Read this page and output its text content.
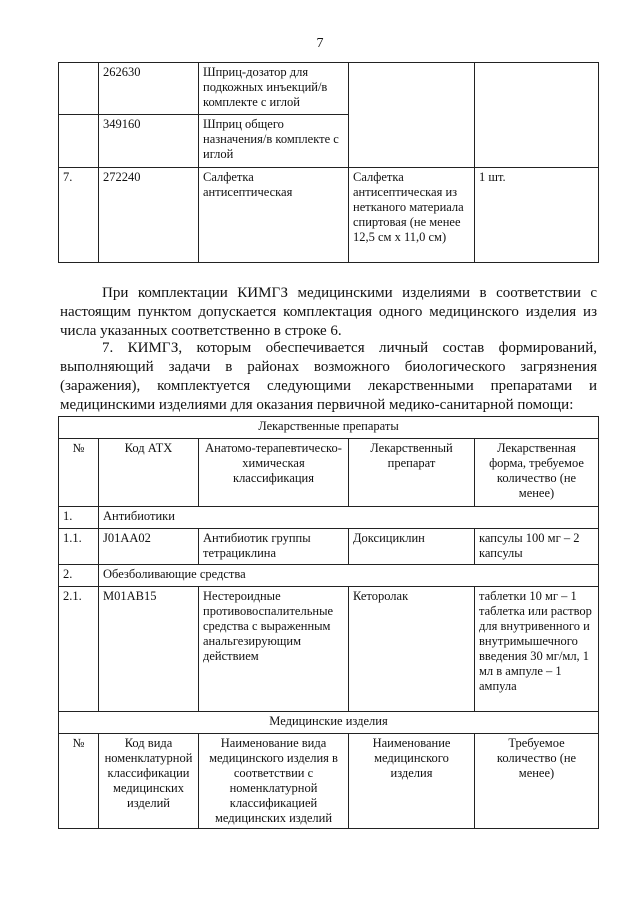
7
	262630	Шприц-дозатор для подкожных инъекций/в комплекте с иглой		
	349160	Шприц общего назначения/в комплекте с иглой		
7.	272240	Салфетка антисептическая	Салфетка антисептическая из нетканого материала спиртовая (не менее 12,5 см х 11,0 см)	1 шт.

При комплектации КИМГЗ медицинскими изделиями в соответствии с настоящим пунктом допускается комплектация одного медицинского изделия из числа указанных соответственно в строке 6.

7. КИМГЗ, которым обеспечивается личный состав формирований, выполняющий задачи в районах возможного биологического загрязнения (заражения), комплектуется следующими лекарственными препаратами и медицинскими изделиями для оказания первичной медико-санитарной помощи:

Лекарственные препараты				
№	Код АТХ	Анатомо-терапевтическо-химическая классификация	Лекарственный препарат	Лекарственная форма, требуемое количество (не менее)
1.	Антибиотики			
1.1.	J01AA02	Антибиотик группы тетрациклина	Доксициклин	капсулы 100 мг – 2 капсулы
2.	Обезболивающие средства			
2.1.	M01AB15	Нестероидные противовоспалительные средства с выраженным анальгезирующим действием	Кеторолак	таблетки 10 мг – 1 таблетка или раствор для внутривенного и внутримышечного введения 30 мг/мл, 1 мл в ампуле – 1 ампула
Медицинские изделия				
№	Код вида номенклатурной классификации медицинских изделий	Наименование вида медицинского изделия в соответствии с номенклатурной классификацией медицинских изделий	Наименование медицинского изделия	Требуемое количество (не менее)
